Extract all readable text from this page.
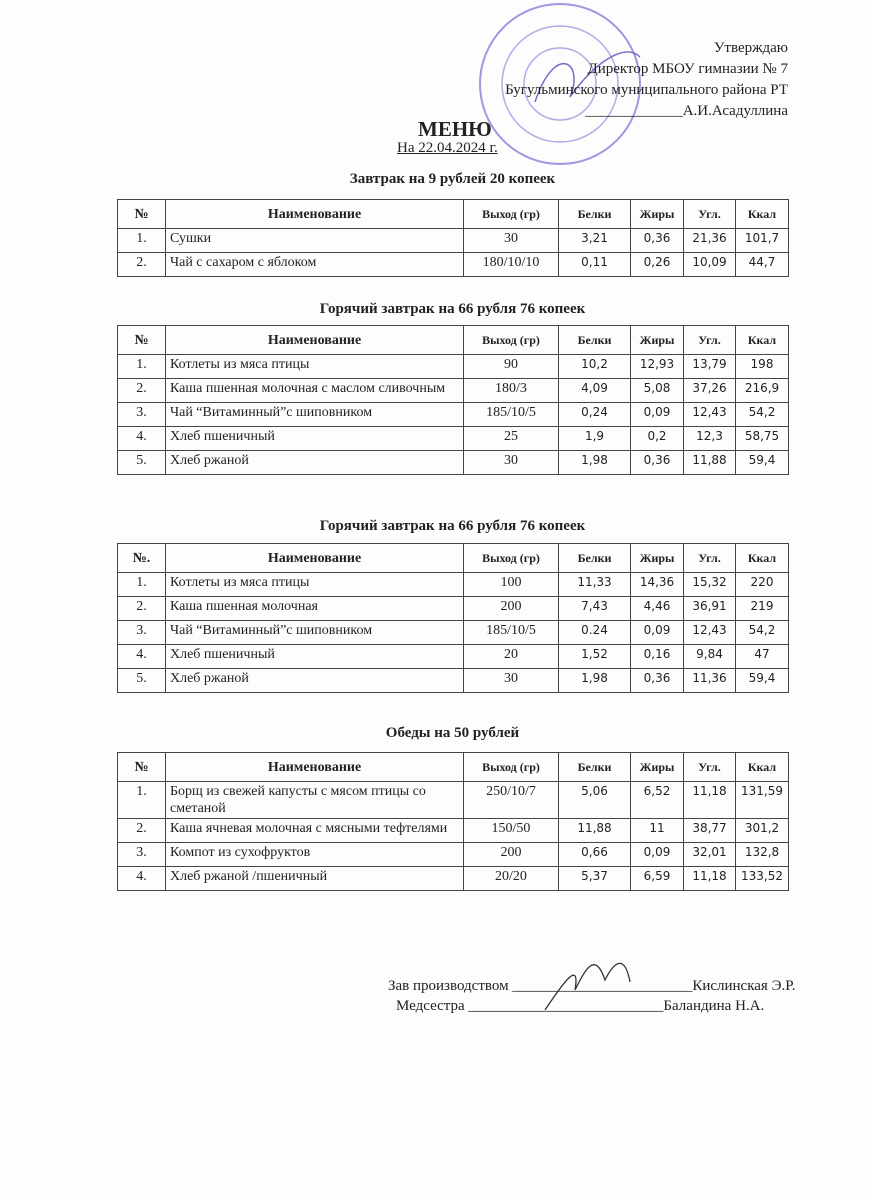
Утверждаю
Директор МБОУ гимназии № 7
Бугульминского муниципального района РТ
_____________А.И.Асадуллина
МЕНЮ
На 22.04.2024 г.
Завтрак на 9 рублей 20 копеек
№	Наименование	Выход (гр)	Белки	Жиры	Угл.	Ккал
1.	Сушки	30	3,21	0,36	21,36	101,7
2.	Чай с сахаром с яблоком	180/10/10	0,11	0,26	10,09	44,7
Горячий завтрак на 66 рубля 76 копеек
№	Наименование	Выход (гр)	Белки	Жиры	Угл.	Ккал
1.	Котлеты из мяса птицы	90	10,2	12,93	13,79	198
2.	Каша пшенная молочная с маслом сливочным	180/3	4,09	5,08	37,26	216,9
3.	Чай “Витаминный”с шиповником	185/10/5	0,24	0,09	12,43	54,2
4.	Хлеб пшеничный	25	1,9	0,2	12,3	58,75
5.	Хлеб ржаной	30	1,98	0,36	11,88	59,4
Горячий завтрак на 66 рубля 76 копеек
№.	Наименование	Выход (гр)	Белки	Жиры	Угл.	Ккал
1.	Котлеты из мяса птицы	100	11,33	14,36	15,32	220
2.	Каша пшенная молочная	200	7,43	4,46	36,91	219
3.	Чай “Витаминный”с шиповником	185/10/5	0.24	0,09	12,43	54,2
4.	Хлеб пшеничный	20	1,52	0,16	9,84	47
5.	Хлеб ржаной	30	1,98	0,36	11,36	59,4
Обеды на 50 рублей
№	Наименование	Выход (гр)	Белки	Жиры	Угл.	Ккал
1.	Борщ из свежей капусты с мясом птицы со сметаной	250/10/7	5,06	6,52	11,18	131,59
2.	Каша ячневая молочная с мясными тефтелями	150/50	11,88	11	38,77	301,2
3.	Компот из сухофруктов	200	0,66	0,09	32,01	132,8
4.	Хлеб ржаной /пшеничный	20/20	5,37	6,59	11,18	133,52
Зав производством ________________________Кислинская Э.Р.
Медсестра __________________________Баландина Н.А.
